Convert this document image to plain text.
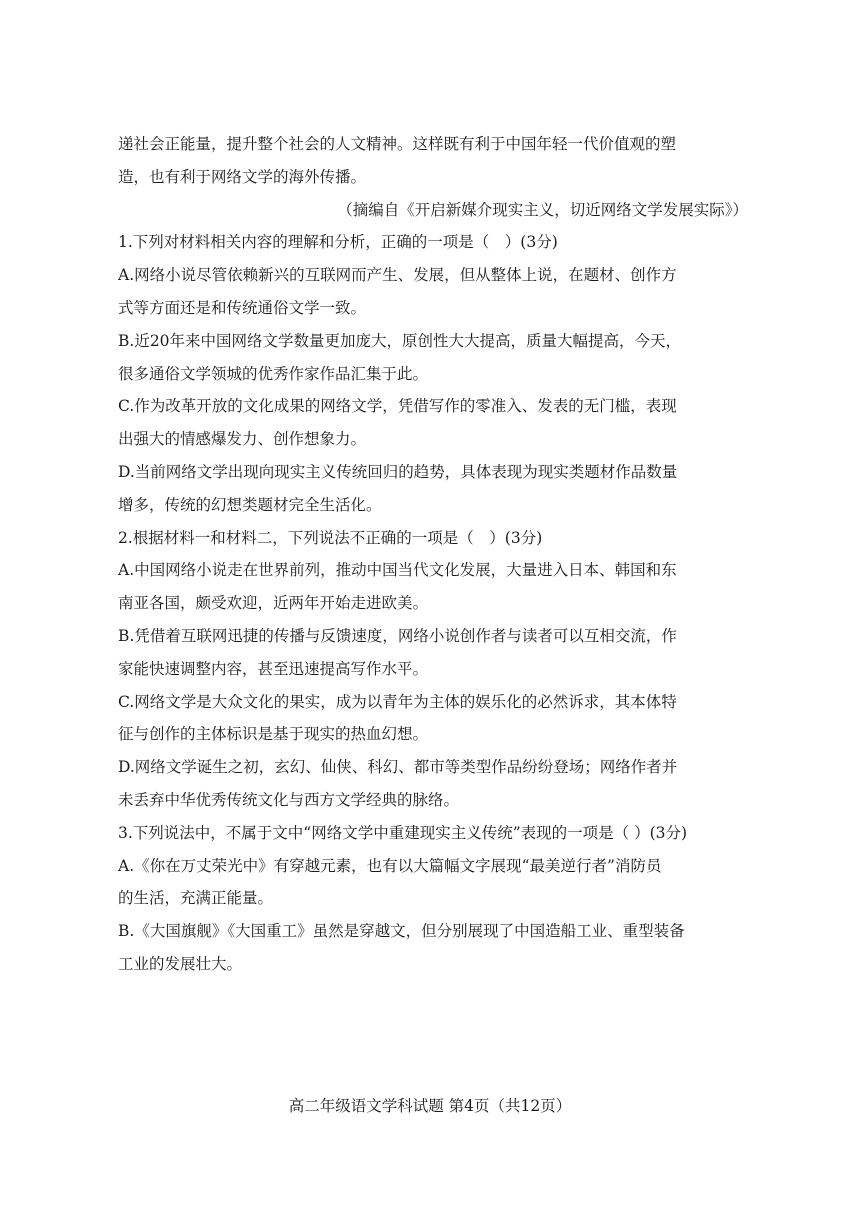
递社会正能量，提升整个社会的人文精神。这样既有利于中国年轻一代价值观的塑
造，也有利于网络文学的海外传播。
（摘编自《开启新媒介现实主义，切近网络文学发展实际》）
1.下列对材料相关内容的理解和分析，正确的一项是（　）(3分)
A.网络小说尽管依赖新兴的互联网而产生、发展，但从整体上说，在题材、创作方
式等方面还是和传统通俗文学一致。
B.近20年来中国网络文学数量更加庞大，原创性大大提高，质量大幅提高，今天，
很多通俗文学领城的优秀作家作品汇集于此。
C.作为改革开放的文化成果的网络文学，凭借写作的零准入、发表的无门槛，表现
出强大的情感爆发力、创作想象力。
D.当前网络文学出现向现实主义传统回归的趋势，具体表现为现实类题材作品数量
增多，传统的幻想类题材完全生活化。
2.根据材料一和材料二，下列说法不正确的一项是（　）(3分)
A.中国网络小说走在世界前列，推动中国当代文化发展，大量进入日本、韩国和东
南亚各国，颇受欢迎，近两年开始走进欧美。
B.凭借着互联网迅捷的传播与反馈速度，网络小说创作者与读者可以互相交流，作
家能快速调整内容，甚至迅速提高写作水平。
C.网络文学是大众文化的果实，成为以青年为主体的娱乐化的必然诉求，其本体特
征与创作的主体标识是基于现实的热血幻想。
D.网络文学诞生之初，玄幻、仙侠、科幻、都市等类型作品纷纷登场；网络作者并
未丢弃中华优秀传统文化与西方文学经典的脉络。
3.下列说法中，不属于文中“网络文学中重建现实主义传统”表现的一项是（ ）(3分)
A.《你在万丈荣光中》有穿越元素，也有以大篇幅文字展现“最美逆行者”消防员
的生活，充满正能量。
B.《大国旗舰》《大国重工》虽然是穿越文，但分别展现了中国造船工业、重型装备
工业的发展壮大。
高二年级语文学科试题 第4页（共12页）
